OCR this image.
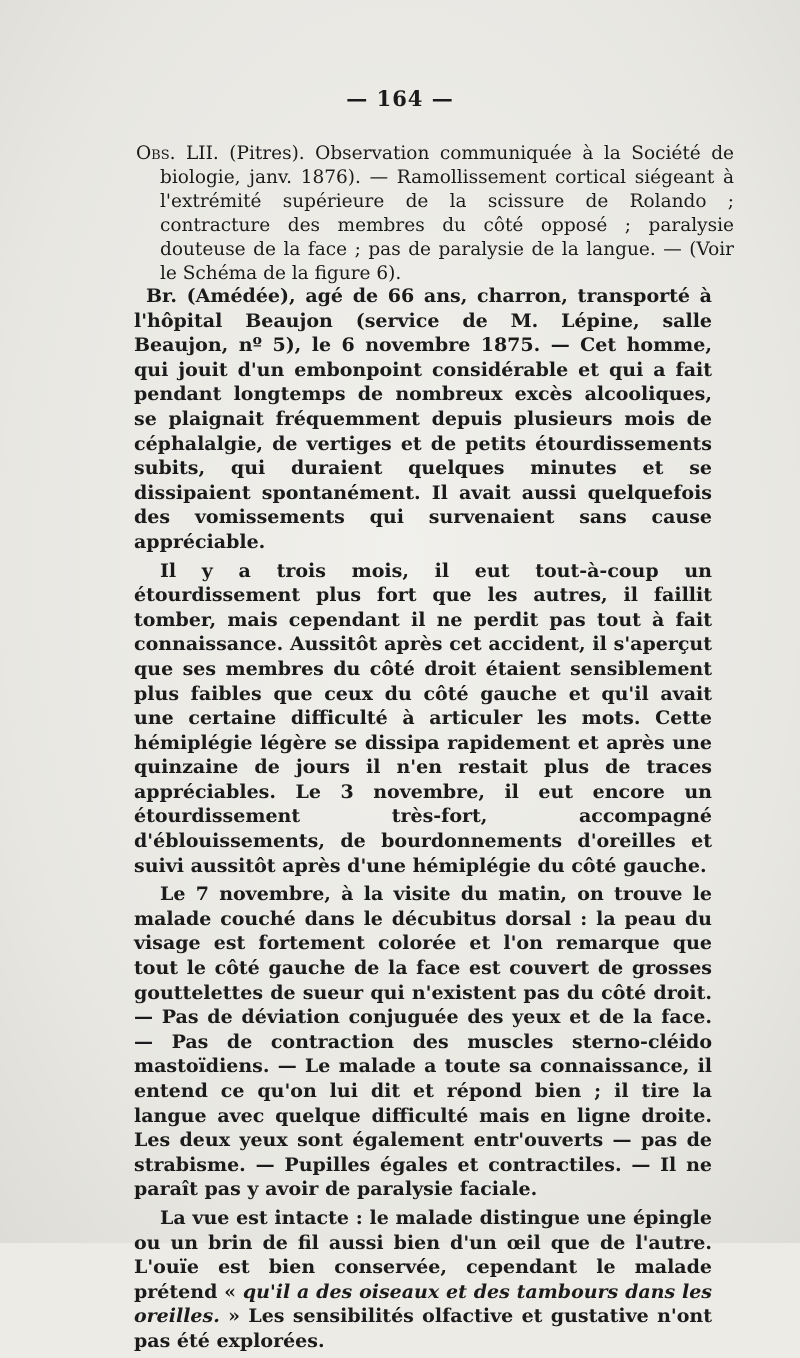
— 164 —
Obs. LII. (Pitres). Observation communiquée à la Société de biologie, janv. 1876). — Ramollissement cortical siégeant à l'extrémité supérieure de la scissure de Rolando ; contracture des membres du côté opposé ; paralysie douteuse de la face ; pas de paralysie de la langue. — (Voir le Schéma de la figure 6).

Br. (Amédée), agé de 66 ans, charron, transporté à l'hôpital Beaujon (service de M. Lépine, salle Beaujon, nº 5), le 6 novembre 1875. — Cet homme, qui jouit d'un embonpoint considérable et qui a fait pendant longtemps de nombreux excès alcooliques, se plaignait fréquemment depuis plusieurs mois de céphalalgie, de vertiges et de petits étourdissements subits, qui duraient quelques minutes et se dissipaient spontanément. Il avait aussi quelquefois des vomissements qui survenaient sans cause appréciable.

Il y a trois mois, il eut tout-à-coup un étourdissement plus fort que les autres, il faillit tomber, mais cependant il ne perdit pas tout à fait connaissance. Aussitôt après cet accident, il s'aperçut que ses membres du côté droit étaient sensiblement plus faibles que ceux du côté gauche et qu'il avait une certaine difficulté à articuler les mots. Cette hémiplégie légère se dissipa rapidement et après une quinzaine de jours il n'en restait plus de traces appréciables. Le 3 novembre, il eut encore un étourdissement très-fort, accompagné d'éblouissements, de bourdonnements d'oreilles et suivi aussitôt après d'une hémiplégie du côté gauche.

Le 7 novembre, à la visite du matin, on trouve le malade couché dans le décubitus dorsal : la peau du visage est fortement colorée et l'on remarque que tout le côté gauche de la face est couvert de grosses gouttelettes de sueur qui n'existent pas du côté droit. — Pas de déviation conjuguée des yeux et de la face. — Pas de contraction des muscles sterno-cléido mastoïdiens. — Le malade a toute sa connaissance, il entend ce qu'on lui dit et répond bien ; il tire la langue avec quelque difficulté mais en ligne droite. Les deux yeux sont également entr'ouverts — pas de strabisme. — Pupilles égales et contractiles. — Il ne paraît pas y avoir de paralysie faciale.

La vue est intacte : le malade distingue une épingle ou un brin de fil aussi bien d'un œil que de l'autre. L'ouïe est bien conservée, cependant le malade prétend « qu'il a des oiseaux et des tambours dans les oreilles. » Les sensibilités olfactive et gustative n'ont pas été explorées.
